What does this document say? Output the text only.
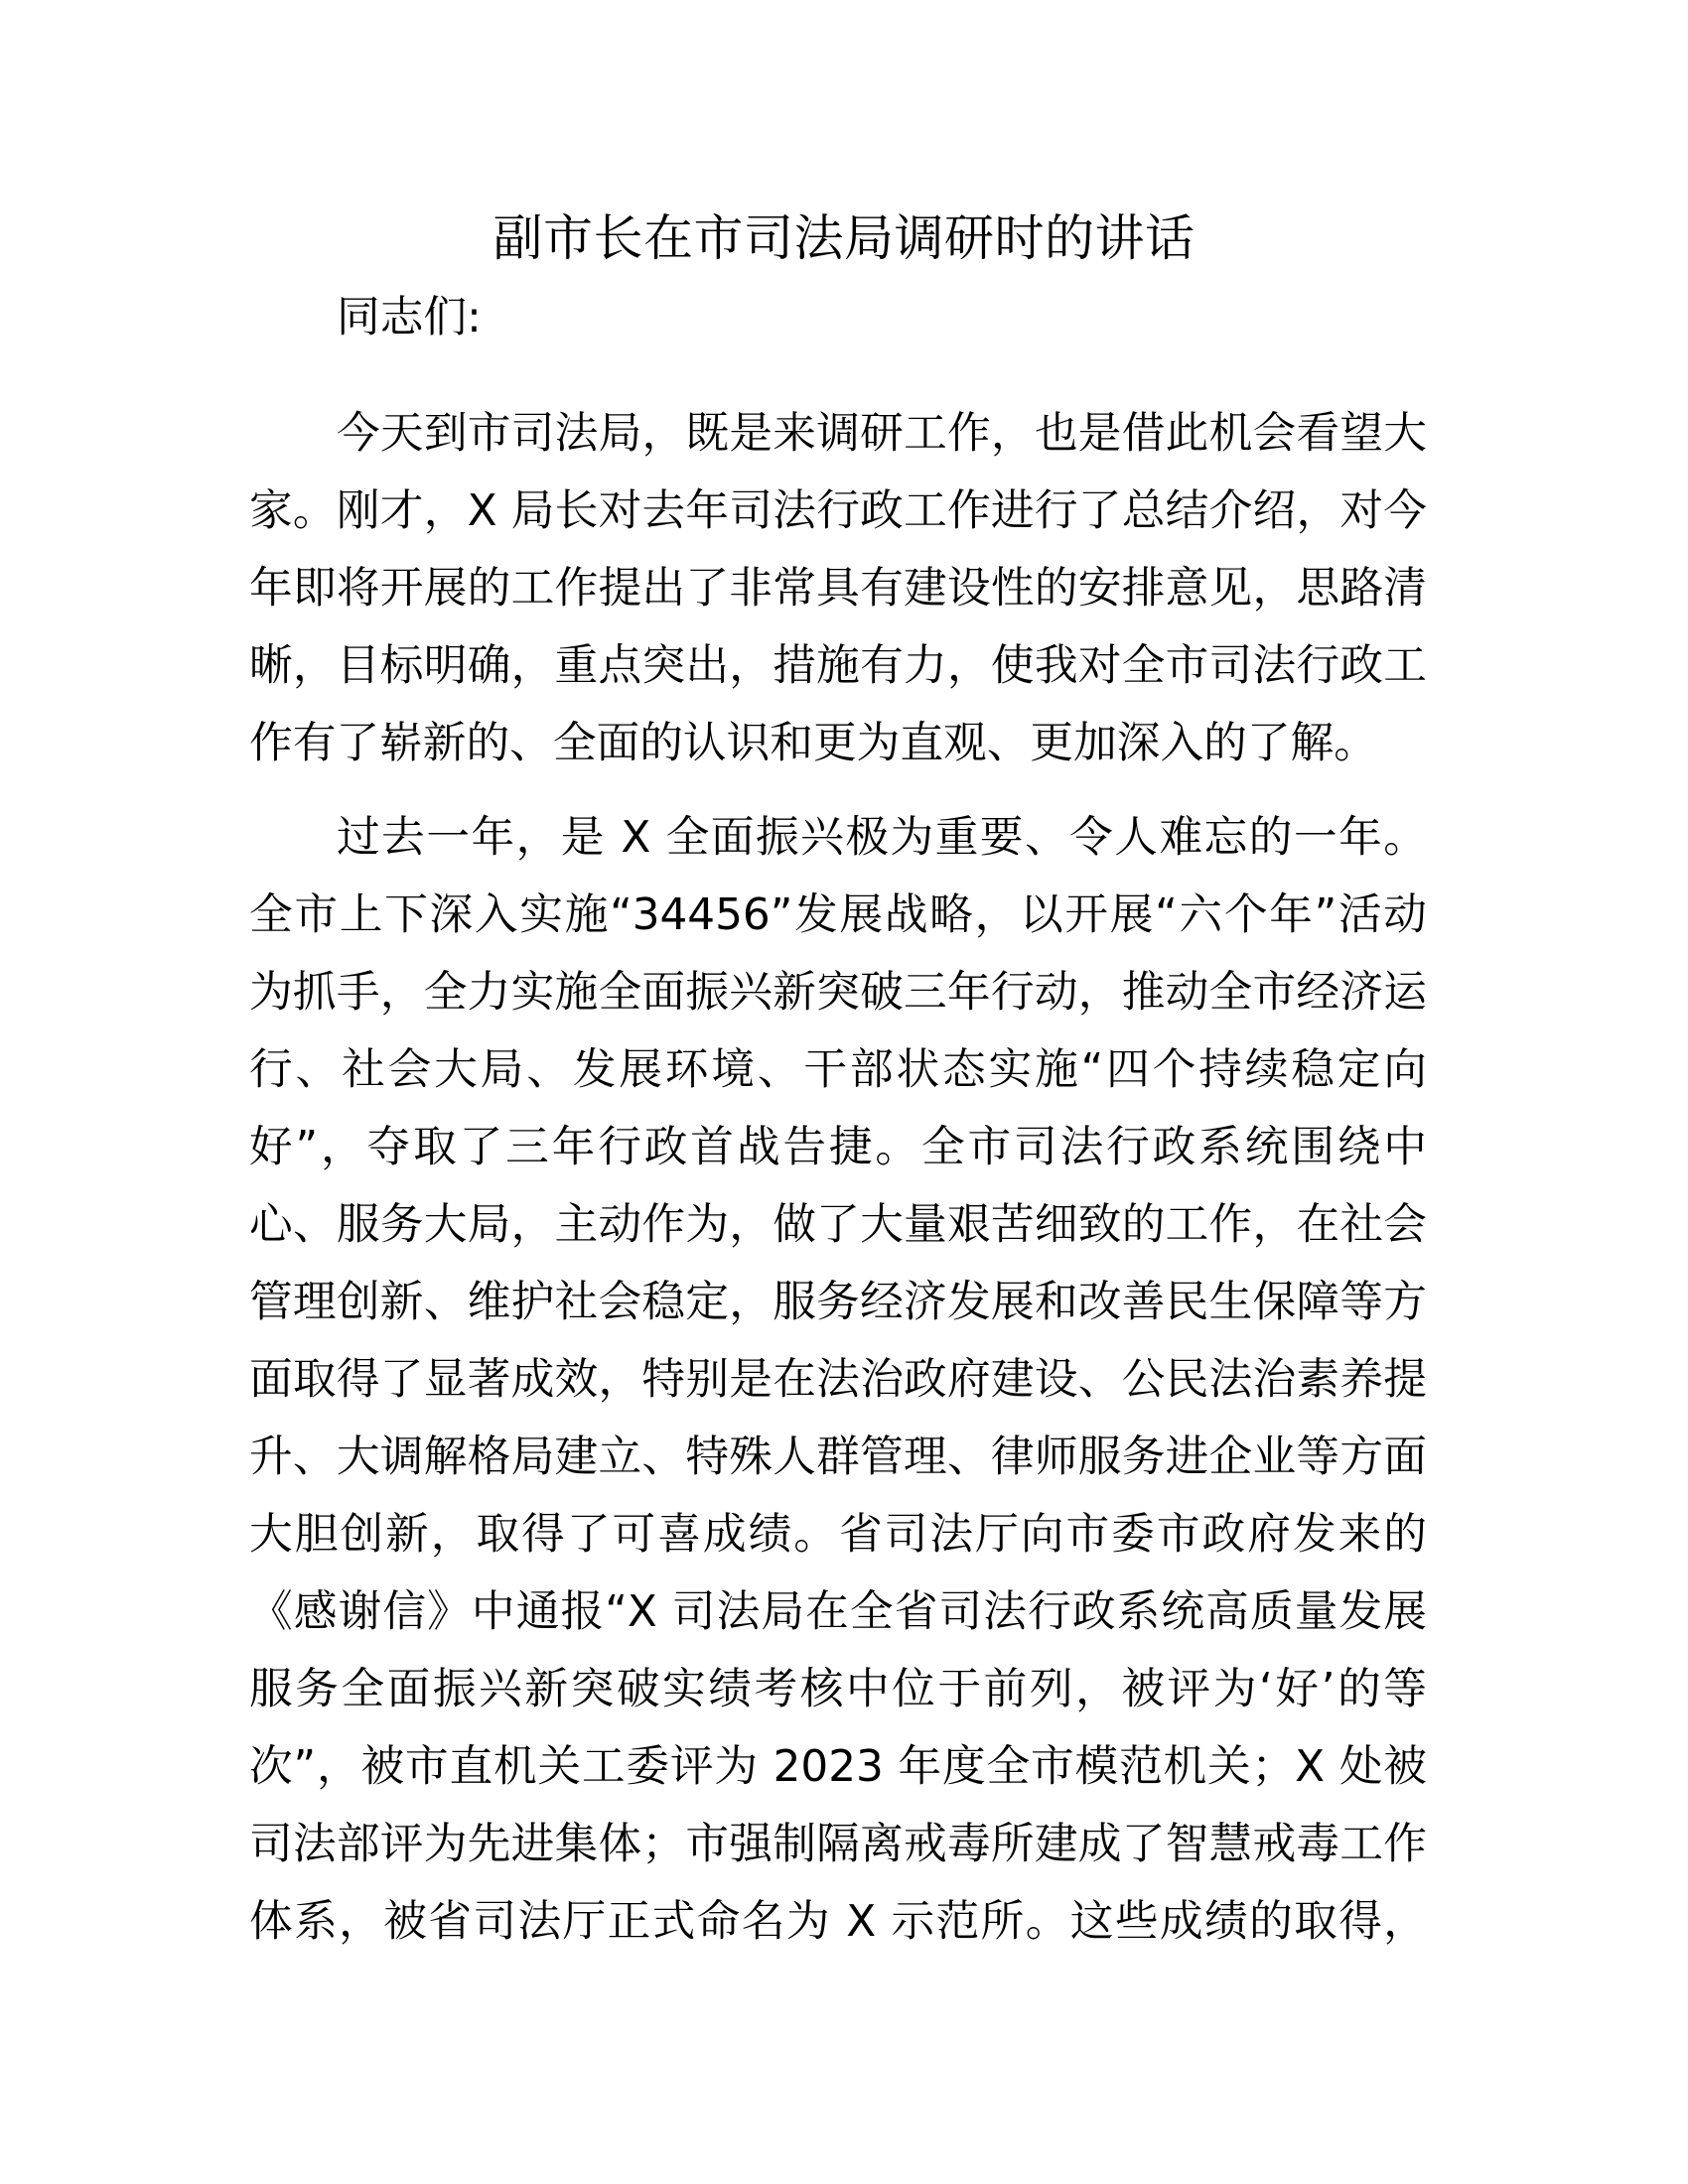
副市长在市司法局调研时的讲话
同志们:
今天到市司法局，既是来调研工作，也是借此机会看望大
家。刚才，X 局长对去年司法行政工作进行了总结介绍，对今
年即将开展的工作提出了非常具有建设性的安排意见，思路清
晰，目标明确，重点突出，措施有力，使我对全市司法行政工
作有了崭新的、全面的认识和更为直观、更加深入的了解。
过去一年，是 X 全面振兴极为重要、令人难忘的一年。
全市上下深入实施“34456”发展战略，以开展“六个年”活动
为抓手，全力实施全面振兴新突破三年行动，推动全市经济运
行、社会大局、发展环境、干部状态实施“四个持续稳定向
好”，夺取了三年行政首战告捷。全市司法行政系统围绕中
心、服务大局，主动作为，做了大量艰苦细致的工作，在社会
管理创新、维护社会稳定，服务经济发展和改善民生保障等方
面取得了显著成效，特别是在法治政府建设、公民法治素养提
升、大调解格局建立、特殊人群管理、律师服务进企业等方面
大胆创新，取得了可喜成绩。省司法厅向市委市政府发来的
《感谢信》中通报“X 司法局在全省司法行政系统高质量发展
服务全面振兴新突破实绩考核中位于前列，被评为‘好’的等
次”，被市直机关工委评为 2023 年度全市模范机关；X 处被
司法部评为先进集体；市强制隔离戒毒所建成了智慧戒毒工作
体系，被省司法厅正式命名为 X 示范所。这些成绩的取得，
